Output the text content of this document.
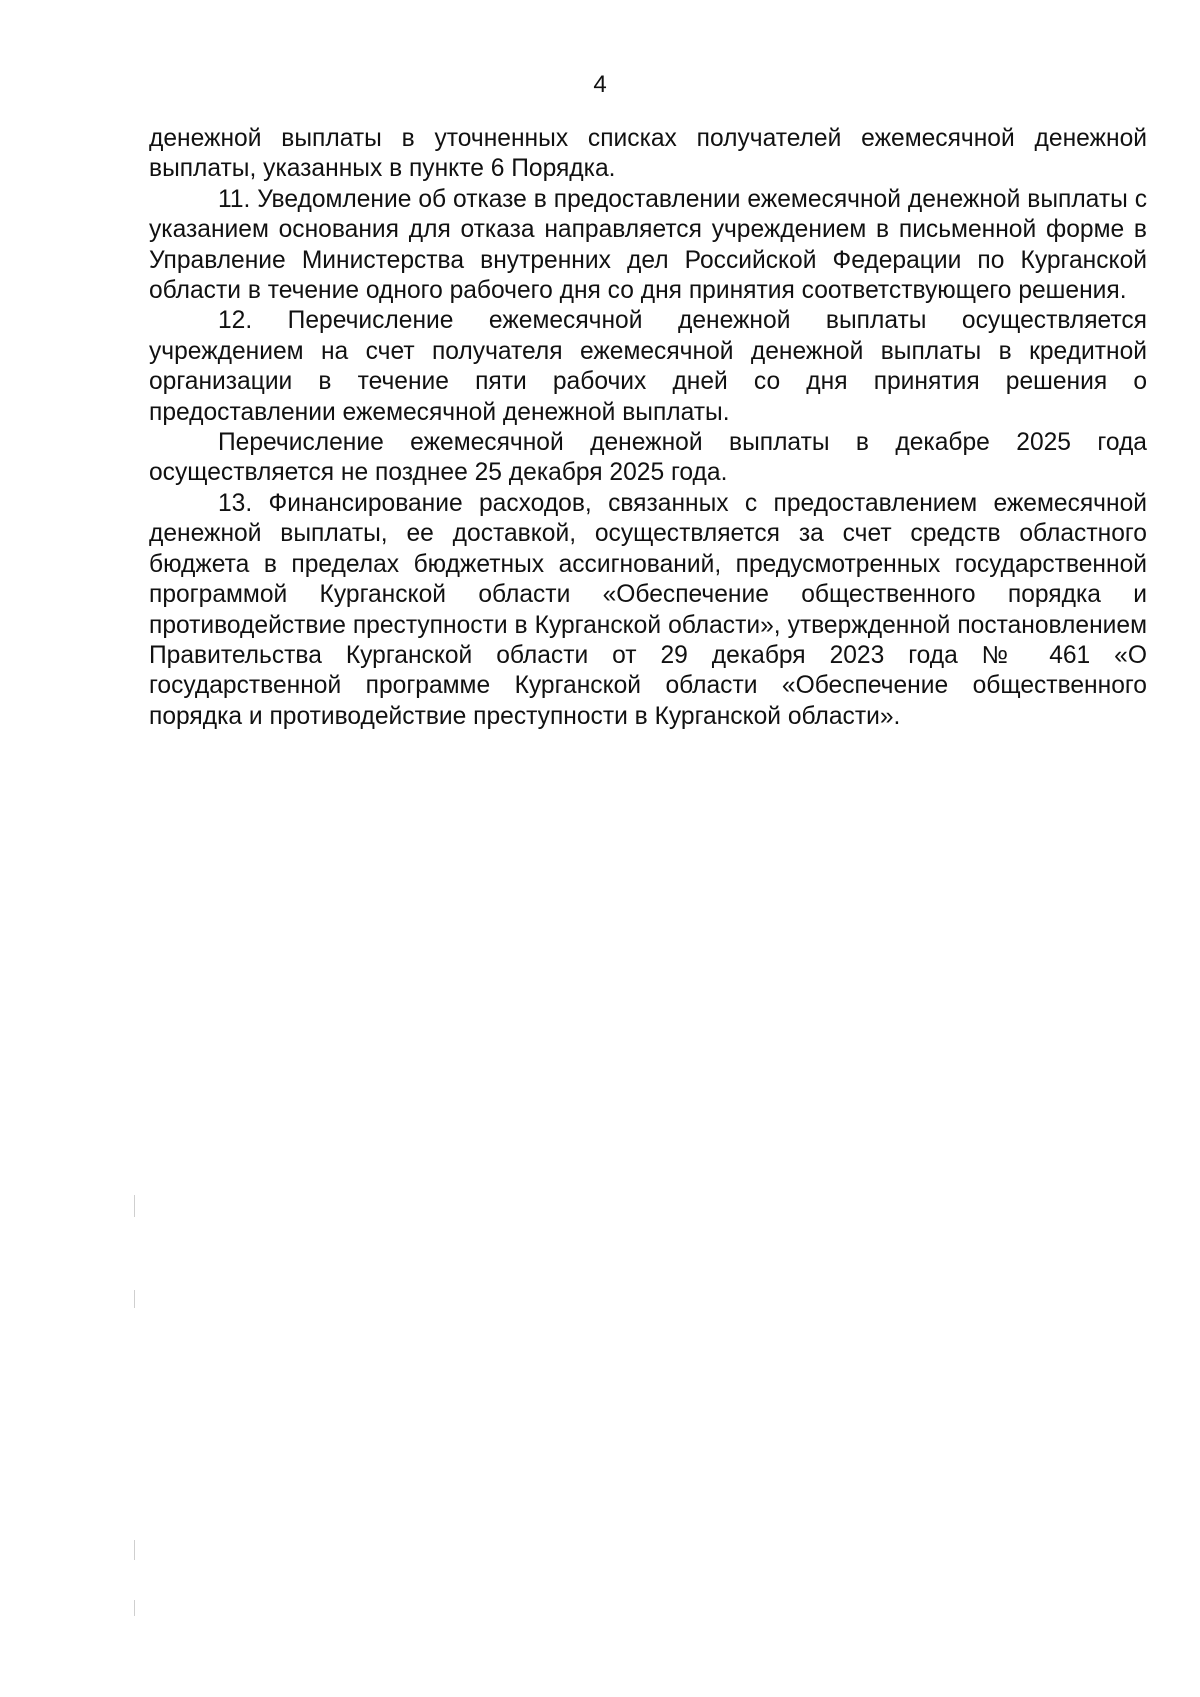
4

денежной выплаты в уточненных списках получателей ежемесячной денежной выплаты, указанных в пункте 6 Порядка.

11. Уведомление об отказе в предоставлении ежемесячной денежной выплаты с указанием основания для отказа направляется учреждением в письменной форме в Управление Министерства внутренних дел Российской Федерации по Курганской области в течение одного рабочего дня со дня принятия соответствующего решения.

12. Перечисление ежемесячной денежной выплаты осуществляется учреждением на счет получателя ежемесячной денежной выплаты в кредитной организации в течение пяти рабочих дней со дня принятия решения о предоставлении ежемесячной денежной выплаты.

Перечисление ежемесячной денежной выплаты в декабре 2025 года осуществляется не позднее 25 декабря 2025 года.

13. Финансирование расходов, связанных с предоставлением ежемесячной денежной выплаты, ее доставкой, осуществляется за счет средств областного бюджета в пределах бюджетных ассигнований, предусмотренных государственной программой Курганской области «Обеспечение общественного порядка и противодействие преступности в Курганской области», утвержденной постановлением Правительства Курганской области от 29 декабря 2023 года № 461 «О государственной программе Курганской области «Обеспечение общественного порядка и противодействие преступности в Курганской области».
